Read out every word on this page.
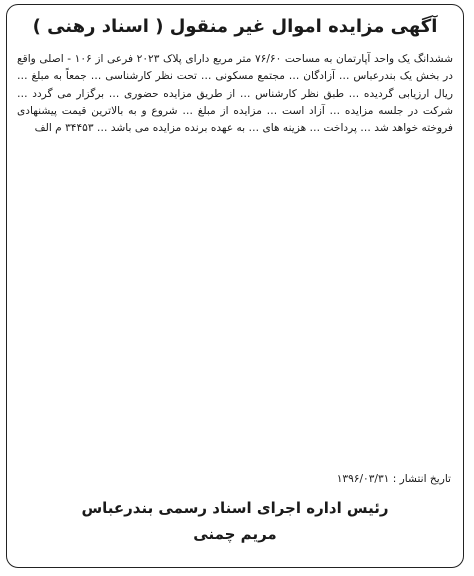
آگهی مزایده اموال غیر منقول ( اسناد رهنی )
ششدانگ یک واحد آپارتمان به مساحت ۷۶/۶۰ متر مربع دارای پلاک ۲۰۲۳ فرعی از ۱۰۶ - اصلی واقع در بخش یک بندرعباس … آزادگان … مجتمع مسکونی … تحت نظر کارشناسی … جمعاً به مبلغ … ریال ارزیابی گردیده … طبق نظر کارشناس … از طریق مزایده حضوری … برگزار می گردد … شرکت در جلسه مزایده … آزاد است … مزایده از مبلغ … شروع و به بالاترین قیمت پیشنهادی فروخته خواهد شد … پرداخت … هزینه های … به عهده برنده مزایده می باشد … ۳۴۴۵۳ م الف
تاریخ انتشار : ۱۳۹۶/۰۳/۳۱
رئیس اداره اجرای اسناد رسمی بندرعباس
مریم چمنی
